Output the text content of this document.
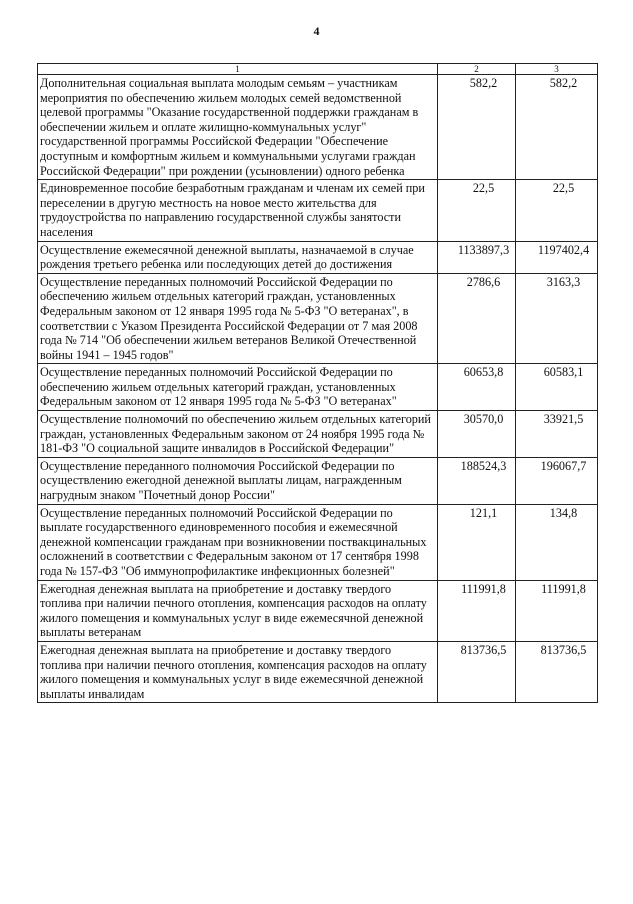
4
1	2	3
Дополнительная социальная выплата молодым семьям – участникам мероприятия по обеспечению жильем молодых семей ведомственной целевой программы "Оказание государственной поддержки гражданам в обеспечении жильем и оплате жилищно-коммунальных услуг" государственной программы Российской Федерации "Обеспечение доступным и комфортным жильем и коммунальными услугами граждан Российской Федерации" при рождении (усыновлении) одного ребенка	582,2	582,2
Единовременное пособие безработным гражданам и членам их семей при переселении в другую местность на новое место жительства для трудоустройства по направлению государственной службы занятости населения	22,5	22,5
Осуществление ежемесячной денежной выплаты, назначаемой в случае рождения третьего ребенка или последующих детей до достижения	1133897,3	1197402,4
Осуществление переданных полномочий Российской Федерации по обеспечению жильем отдельных категорий граждан, установленных Федеральным законом от 12 января 1995 года № 5-ФЗ "О ветеранах", в соответствии с Указом Президента Российской Федерации от 7 мая 2008 года № 714 "Об обеспечении жильем ветеранов Великой Отечественной войны 1941 – 1945 годов"	2786,6	3163,3
Осуществление переданных полномочий Российской Федерации по обеспечению жильем отдельных категорий граждан, установленных Федеральным законом от 12 января 1995 года № 5-ФЗ "О ветеранах"	60653,8	60583,1
Осуществление полномочий по обеспечению жильем отдельных категорий граждан, установленных Федеральным законом от 24 ноября 1995 года № 181-ФЗ "О социальной защите инвалидов в Российской Федерации"	30570,0	33921,5
Осуществление переданного полномочия Российской Федерации по осуществлению ежегодной денежной выплаты лицам, награжденным нагрудным знаком "Почетный донор России"	188524,3	196067,7
Осуществление переданных полномочий Российской Федерации по выплате государственного единовременного пособия и ежемесячной денежной компенсации гражданам при возникновении поствакцинальных осложнений в соответствии с Федеральным законом от 17 сентября 1998 года № 157-ФЗ "Об иммунопрофилактике инфекционных болезней"	121,1	134,8
Ежегодная денежная выплата на приобретение и доставку твердого топлива при наличии печного отопления, компенсация расходов на оплату жилого помещения и коммунальных услуг в виде ежемесячной денежной выплаты ветеранам	111991,8	111991,8
Ежегодная денежная выплата на приобретение и доставку твердого топлива при наличии печного отопления, компенсация расходов на оплату жилого помещения и коммунальных услуг в виде ежемесячной денежной выплаты инвалидам	813736,5	813736,5
